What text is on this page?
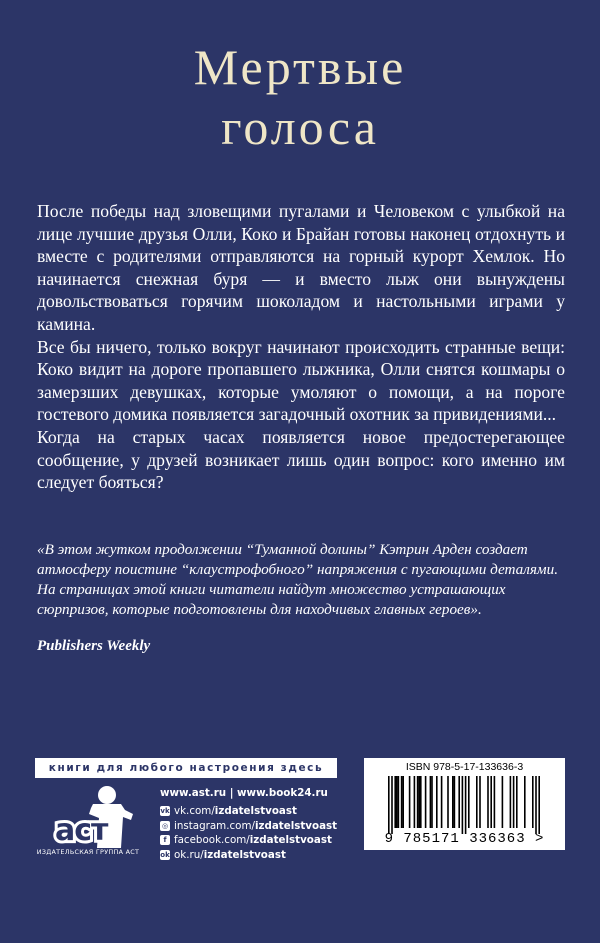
Мертвые
голоса

После победы над зловещими пугалами и Человеком с улыбкой на лице лучшие друзья Олли, Коко и Брайан готовы наконец отдохнуть и вместе с родителями отправляются на горный курорт Хемлок. Но начинается снежная буря — и вместо лыж они вынуждены довольствоваться горячим шоколадом и настольными играми у камина.

Все бы ничего, только вокруг начинают происходить странные вещи: Коко видит на дороге пропавшего лыжника, Олли снятся кошмары о замерзших девушках, которые умоляют о помощи, а на пороге гостевого домика появляется загадочный охотник за привидениями...

Когда на старых часах появляется новое предостерегающее сообщение, у друзей возникает лишь один вопрос: кого именно им следует бояться?

«В этом жутком продолжении “Туманной долины” Кэтрин Арден создает атмосферу поистине “клаустрофобного” напряжения с пугающими деталями. На страницах этой книги читатели найдут множество устрашающих сюрпризов, которые подготовлены для находчивых главных героев».

Publishers Weekly

книги для любого настроения здесь
аст
ИЗДАТЕЛЬСКАЯ ГРУППА АСТ
www.ast.ru | www.book24.ru
vk vk.com/izdatelstvoast
◎ instagram.com/izdatelstvoast
f facebook.com/izdatelstvoast
ok ok.ru/izdatelstvoast
ISBN 978-5-17-133636-3
9 785171 336363 >
